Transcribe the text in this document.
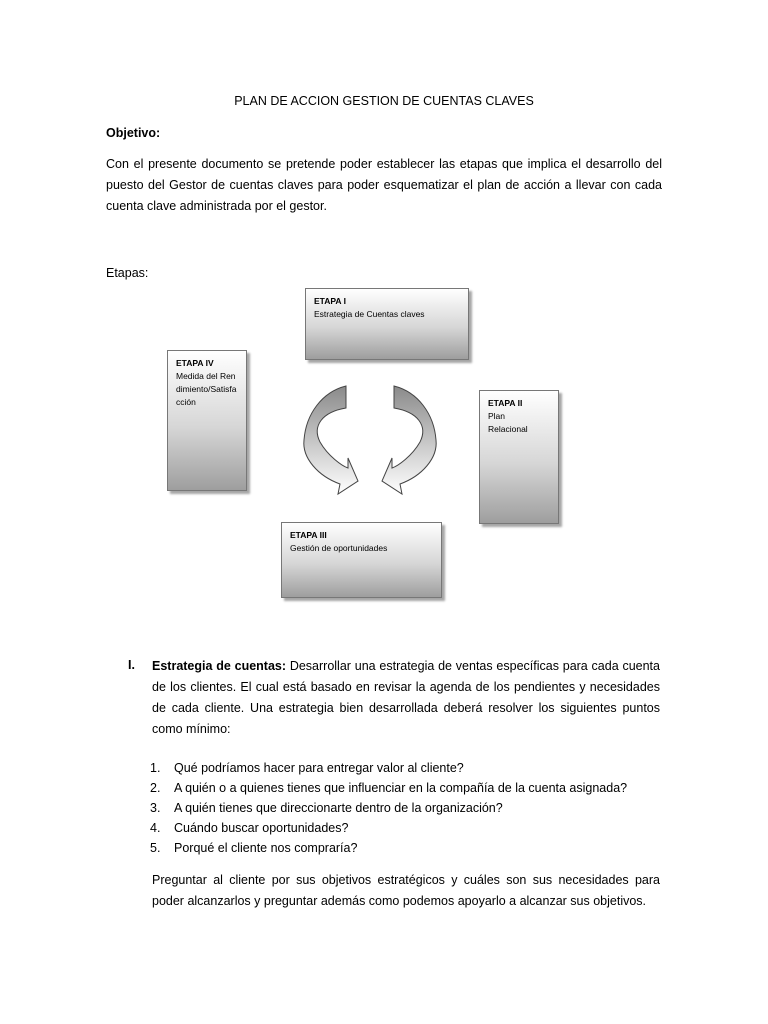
PLAN DE ACCION GESTION DE CUENTAS CLAVES
Objetivo:
Con el presente documento se pretende poder establecer las etapas que implica el desarrollo del puesto del Gestor de cuentas claves para poder esquematizar el plan de acción a llevar con cada cuenta clave administrada por el gestor.
Etapas:
ETAPA I
Estrategia de Cuentas claves
ETAPA IV
Medida del Rendimiento/Satisfacción	ETAPA II
Plan Relacional
ETAPA III
Gestión de oportunidades
I. Estrategia de cuentas: Desarrollar una estrategia de ventas específicas para cada cuenta de los clientes. El cual está basado en revisar la agenda de los pendientes y necesidades de cada cliente. Una estrategia bien desarrollada deberá resolver los siguientes puntos como mínimo:
1. Qué podríamos hacer para entregar valor al cliente?
2. A quién o a quienes tienes que influenciar en la compañía de la cuenta asignada?
3. A quién tienes que direccionarte dentro de la organización?
4. Cuándo buscar oportunidades?
5. Porqué el cliente nos compraría?
Preguntar al cliente por sus objetivos estratégicos y cuáles son sus necesidades para poder alcanzarlos y preguntar además como podemos apoyarlo a alcanzar sus objetivos.
